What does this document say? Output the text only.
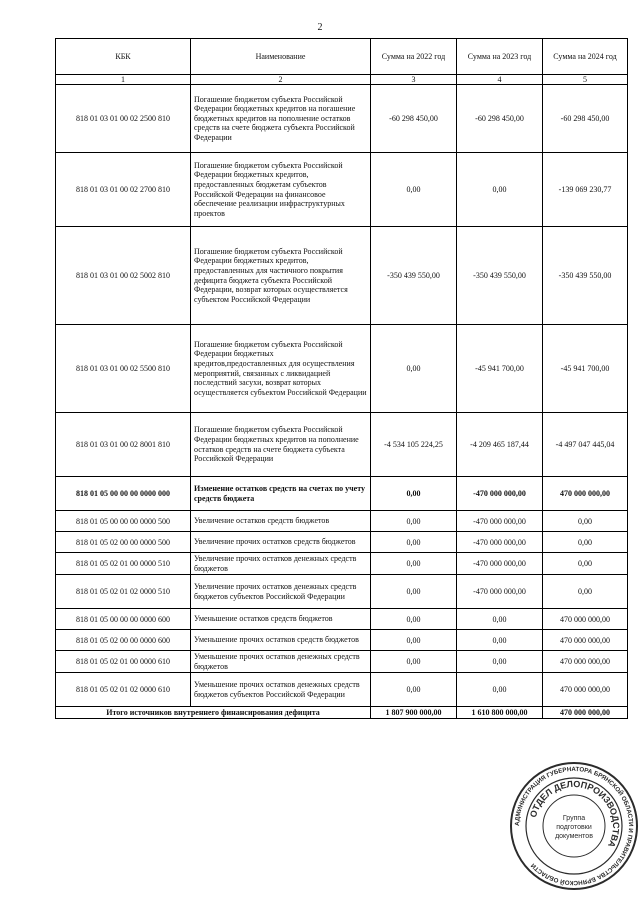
2
КБК	Наименование	Сумма на 2022 год	Сумма на 2023 год	Сумма на 2024 год
1	2	3	4	5
818 01 03 01 00 02 2500 810	Погашение бюджетом субъекта Российской Федерации бюджетных кредитов на погашение бюджетных кредитов на пополнение остатков средств на счете бюджета субъекта Российской Федерации	-60 298 450,00	-60 298 450,00	-60 298 450,00
818 01 03 01 00 02 2700 810	Погашение бюджетом субъекта Российской Федерации бюджетных кредитов, предоставленных бюджетам субъектов Российской Федерации на финансовое обеспечение реализации инфраструктурных проектов	0,00	0,00	-139 069 230,77
818 01 03 01 00 02 5002 810	Погашение бюджетом субъекта Российской Федерации бюджетных кредитов, предоставленных для частичного покрытия дефицита бюджета субъекта Российской Федерации, возврат которых осуществляется субъектом Российской Федерации	-350 439 550,00	-350 439 550,00	-350 439 550,00
818 01 03 01 00 02 5500 810	Погашение бюджетом субъекта Российской Федерации бюджетных кредитов,предоставленных для осуществления мероприятий, связанных с ликвидацией последствий засухи, возврат которых осуществляется субъектом Российской Федерации	0,00	-45 941 700,00	-45 941 700,00
818 01 03 01 00 02 8001 810	Погашение бюджетом субъекта Российской Федерации бюджетных кредитов на пополнение остатков средств на счете бюджета субъекта Российской Федерации	-4 534 105 224,25	-4 209 465 187,44	-4 497 047 445,04
818 01 05 00 00 00 0000 000	Изменение остатков средств на счетах по учету средств бюджета	0,00	-470 000 000,00	470 000 000,00
818 01 05 00 00 00 0000 500	Увеличение остатков средств бюджетов	0,00	-470 000 000,00	0,00
818 01 05 02 00 00 0000 500	Увеличение прочих остатков средств бюджетов	0,00	-470 000 000,00	0,00
818 01 05 02 01 00 0000 510	Увеличение прочих остатков денежных средств бюджетов	0,00	-470 000 000,00	0,00
818 01 05 02 01 02 0000 510	Увеличение прочих остатков денежных средств бюджетов субъектов Российской Федерации	0,00	-470 000 000,00	0,00
818 01 05 00 00 00 0000 600	Уменьшение остатков средств бюджетов	0,00	0,00	470 000 000,00
818 01 05 02 00 00 0000 600	Уменьшение прочих остатков средств бюджетов	0,00	0,00	470 000 000,00
818 01 05 02 01 00 0000 610	Уменьшение прочих остатков денежных средств бюджетов	0,00	0,00	470 000 000,00
818 01 05 02 01 02 0000 610	Уменьшение прочих остатков денежных средств бюджетов субъектов Российской Федерации	0,00	0,00	470 000 000,00
Итого источников внутреннего финансирования дефицита		1 807 900 000,00	1 610 800 000,00	470 000 000,00
АДМИНИСТРАЦИЯ ГУБЕРНАТОРА БРЯНСКОЙ ОБЛАСТИ И ПРАВИТЕЛЬСТВА БРЯНСКОЙ ОБЛАСТИ
ОТДЕЛ ДЕЛОПРОИЗВОДСТВА
Группа
подготовки
документов
